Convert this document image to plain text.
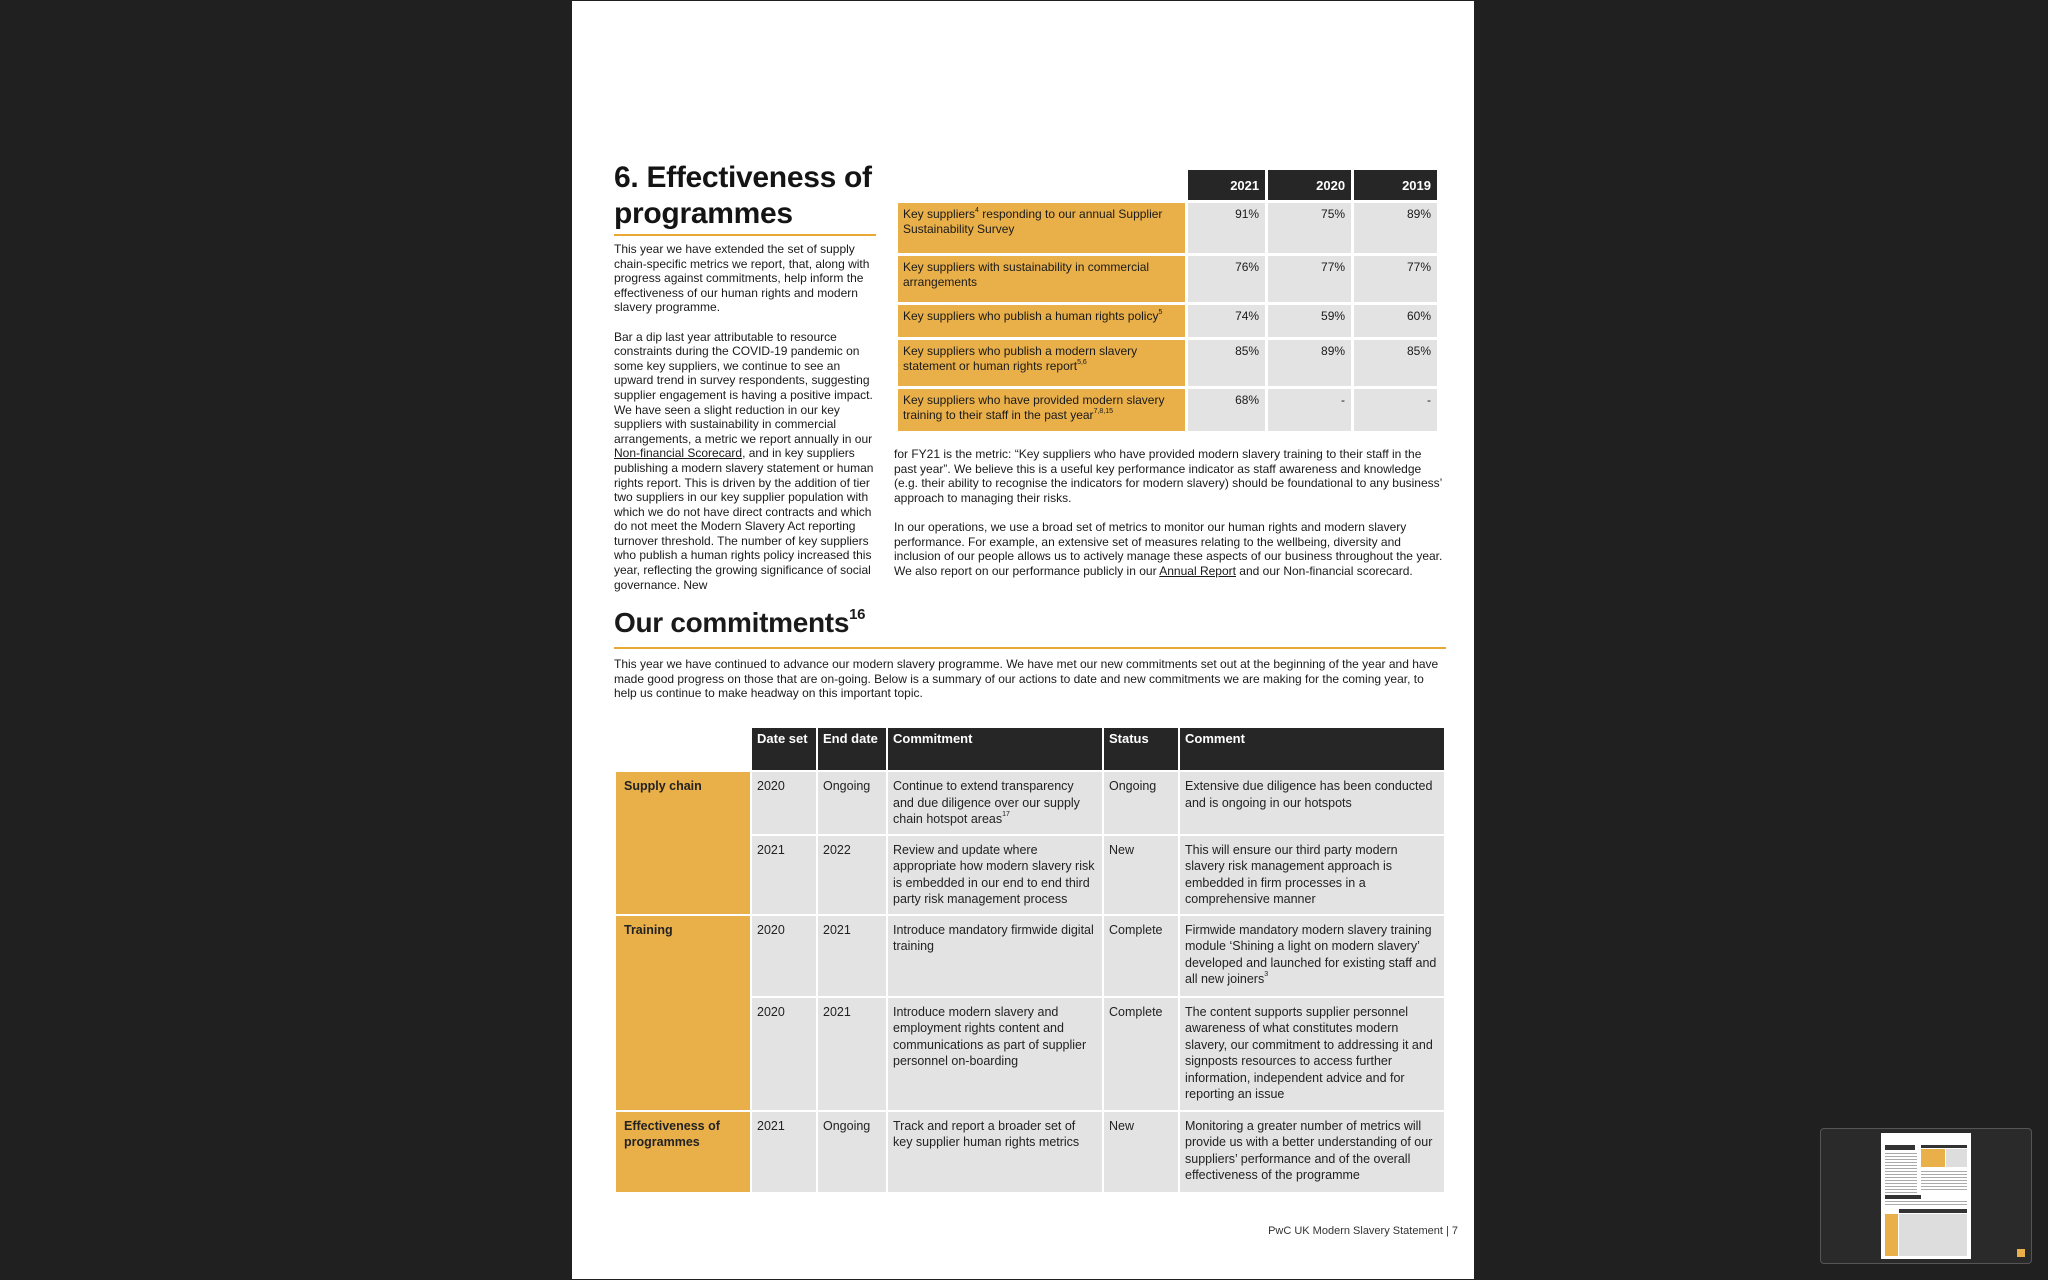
6. Effectiveness of programmes

This year we have extended the set of supply chain-specific metrics we report, that, along with progress against commitments, help inform the effectiveness of our human rights and modern slavery programme.

Bar a dip last year attributable to resource constraints during the COVID-19 pandemic on some key suppliers, we continue to see an upward trend in survey respondents, suggesting supplier engagement is having a positive impact. We have seen a slight reduction in our key suppliers with sustainability in commercial arrangements, a metric we report annually in our Non-financial Scorecard, and in key suppliers publishing a modern slavery statement or human rights report. This is driven by the addition of tier two suppliers in our key supplier population with which we do not have direct contracts and which do not meet the Modern Slavery Act reporting turnover threshold. The number of key suppliers who publish a human rights policy increased this year, reflecting the growing significance of social governance. New

	2021	2020	2019
Key suppliers$^4$ responding to our annual Supplier Sustainability Survey	91%	75%	89%
Key suppliers with sustainability in commercial arrangements	76%	77%	77%
Key suppliers who publish a human rights policy$^5$	74%	59%	60%
Key suppliers who publish a modern slavery statement or human rights report$^{5,6}$	85%	89%	85%
Key suppliers who have provided modern slavery training to their staff in the past year$^{7,8,15}$	68%	-	-

for FY21 is the metric: “Key suppliers who have provided modern slavery training to their staff in the past year”. We believe this is a useful key performance indicator as staff awareness and knowledge (e.g. their ability to recognise the indicators for modern slavery) should be foundational to any business’ approach to managing their risks.

In our operations, we use a broad set of metrics to monitor our human rights and modern slavery performance. For example, an extensive set of measures relating to the wellbeing, diversity and inclusion of our people allows us to actively manage these aspects of our business throughout the year. We also report on our performance publicly in our Annual Report and our Non-financial scorecard.

Our commitments$^{16}$
This year we have continued to advance our modern slavery programme. We have met our new commitments set out at the beginning of the year and have made good progress on those that are on-going. Below is a summary of our actions to date and new commitments we are making for the coming year, to help us continue to make headway on this important topic.
	Date set	End date	Commitment	Status	Comment
Supply chain	2020	Ongoing	Continue to extend transparency and due diligence over our supply chain hotspot areas$^{17}$	Ongoing	Extensive due diligence has been conducted and is ongoing in our hotspots
	2021	2022	Review and update where appropriate how modern slavery risk is embedded in our end to end third party risk management process	New	This will ensure our third party modern slavery risk management approach is embedded in firm processes in a comprehensive manner
Training	2020	2021	Introduce mandatory firmwide digital training	Complete	Firmwide mandatory modern slavery training module ‘Shining a light on modern slavery’ developed and launched for existing staff and all new joiners$^3$
	2020	2021	Introduce modern slavery and employment rights content and communications as part of supplier personnel on-boarding	Complete	The content supports supplier personnel awareness of what constitutes modern slavery, our commitment to addressing it and signposts resources to access further information, independent advice and for reporting an issue
Effectiveness of programmes	2021	Ongoing	Track and report a broader set of key supplier human rights metrics	New	Monitoring a greater number of metrics will provide us with a better understanding of our suppliers’ performance and of the overall effectiveness of the programme
PwC UK Modern Slavery Statement | 7
